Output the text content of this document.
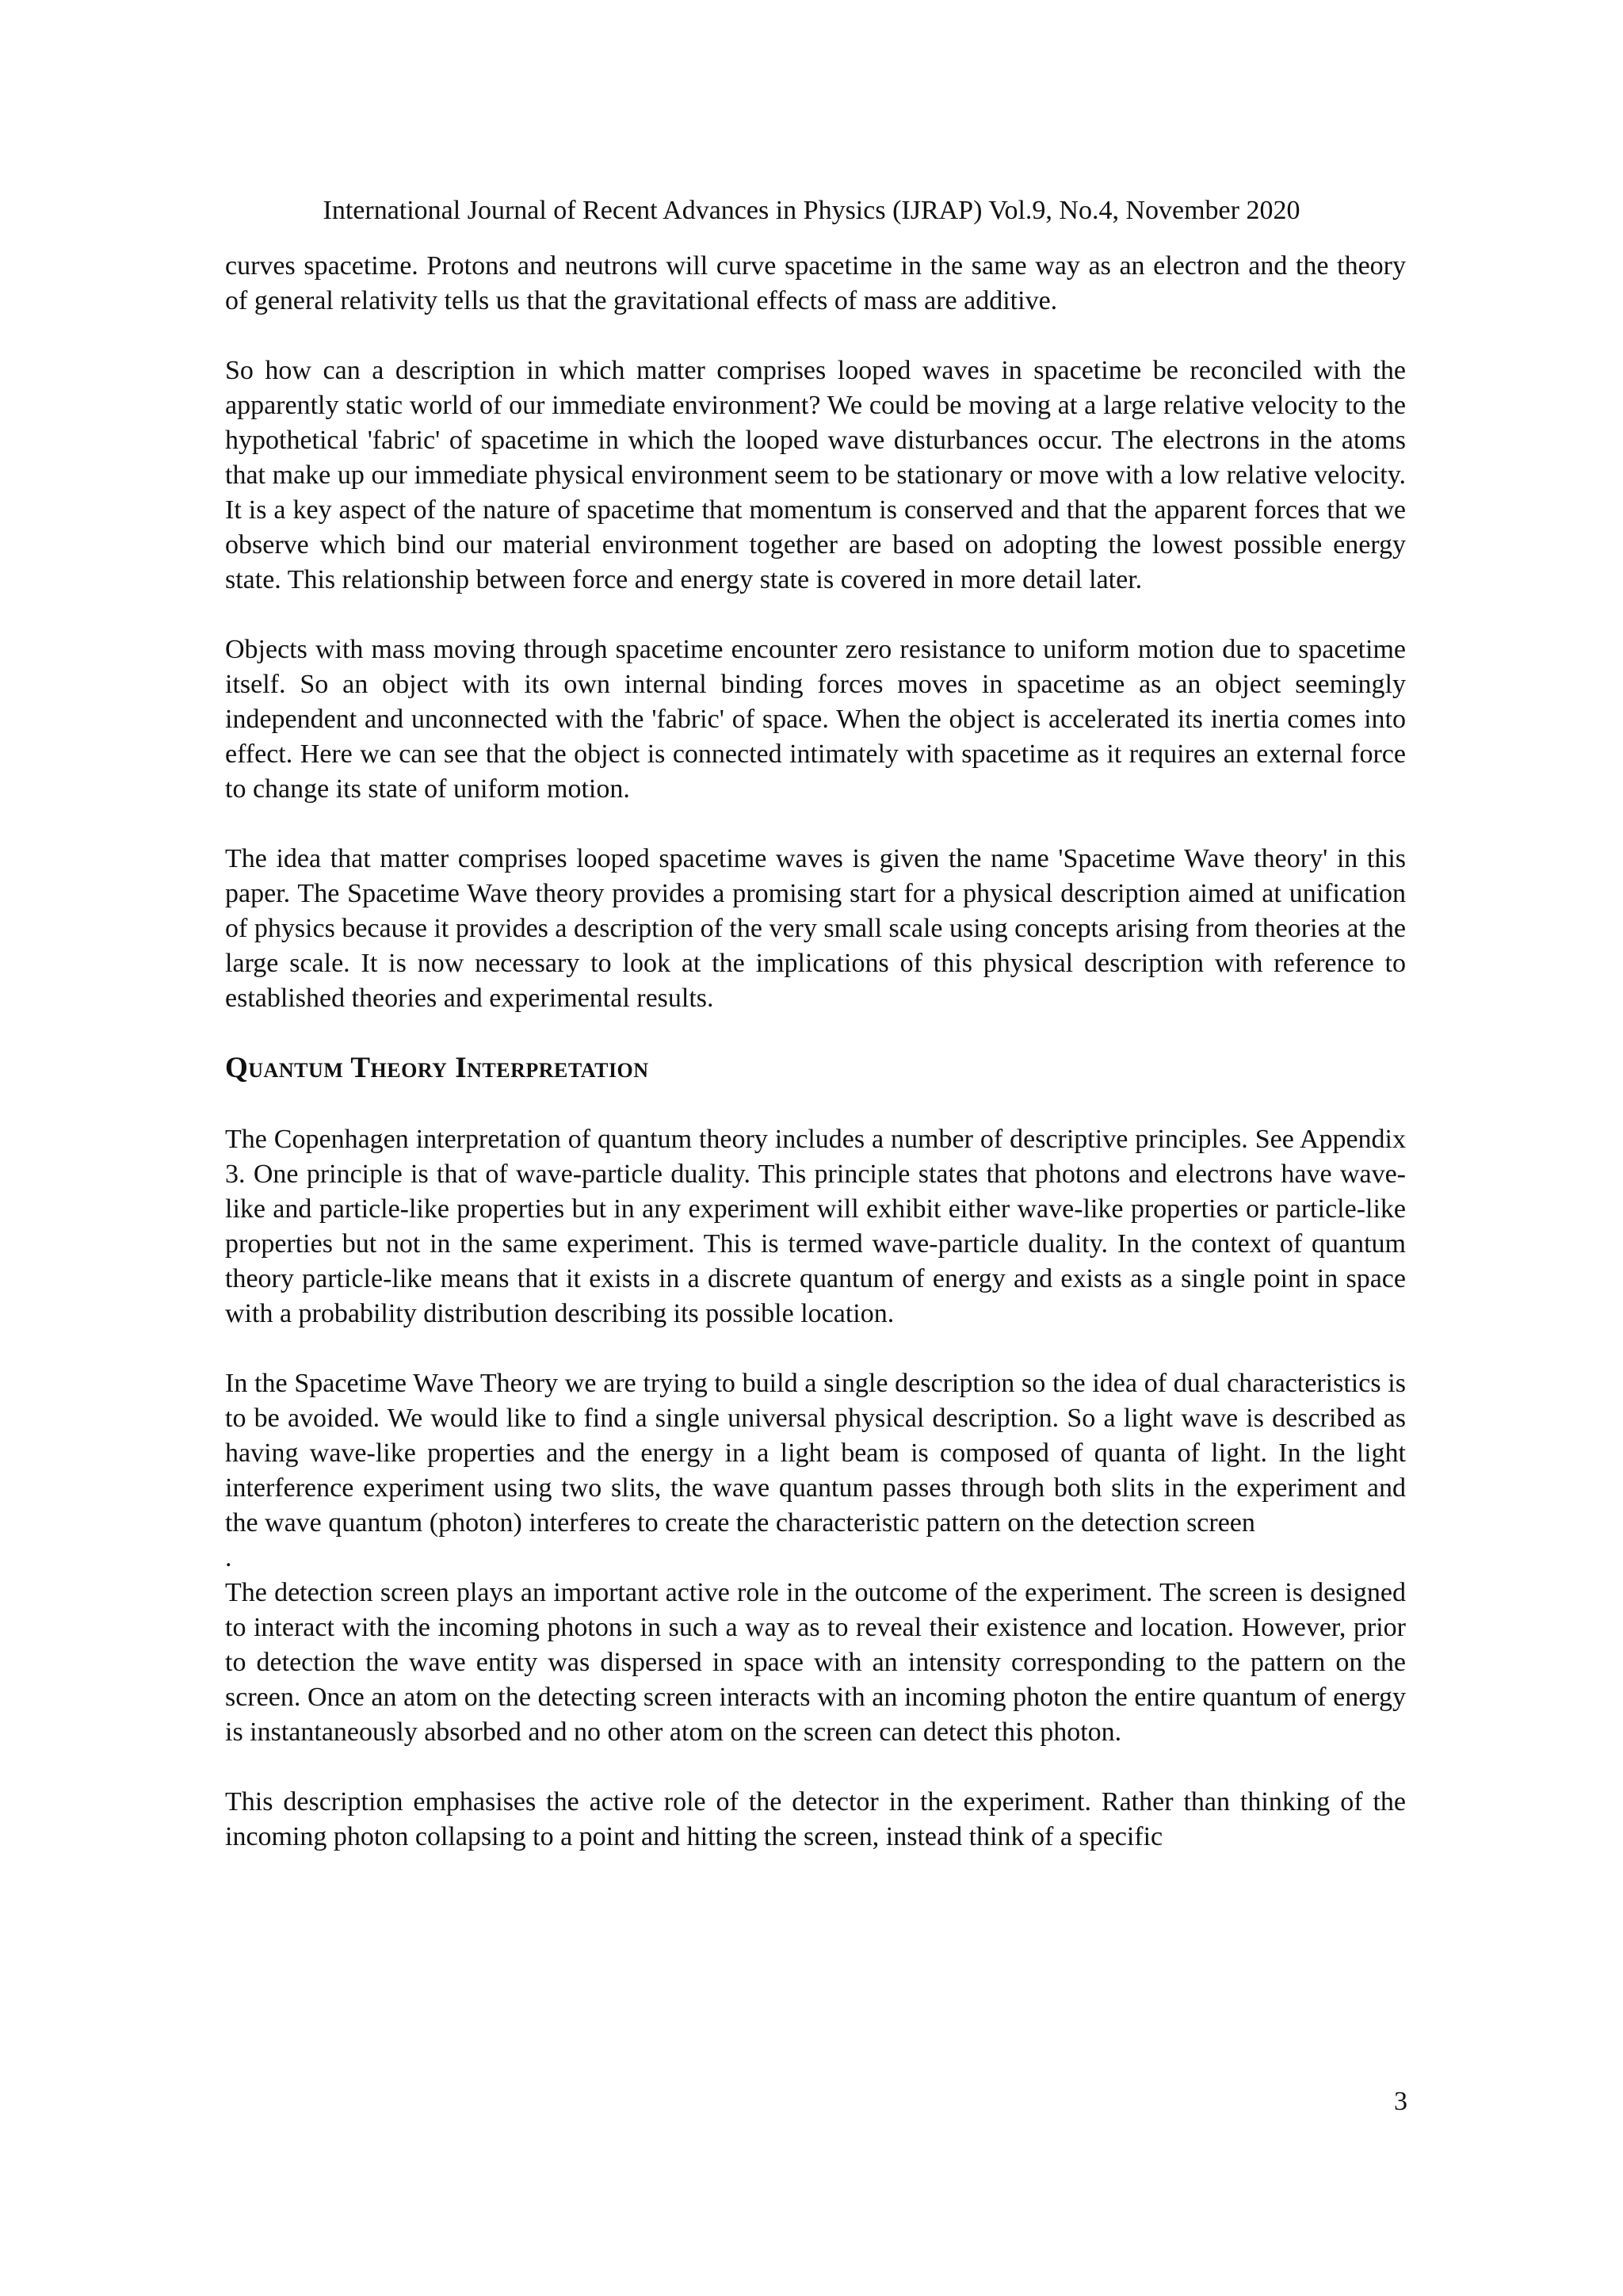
International Journal of Recent Advances in Physics (IJRAP) Vol.9, No.4, November 2020

curves spacetime. Protons and neutrons will curve spacetime in the same way as an electron and the theory of general relativity tells us that the gravitational effects of mass are additive.

So how can a description in which matter comprises looped waves in spacetime be reconciled with the apparently static world of our immediate environment? We could be moving at a large relative velocity to the hypothetical 'fabric' of spacetime in which the looped wave disturbances occur. The electrons in the atoms that make up our immediate physical environment seem to be stationary or move with a low relative velocity. It is a key aspect of the nature of spacetime that momentum is conserved and that the apparent forces that we observe which bind our material environment together are based on adopting the lowest possible energy state. This relationship between force and energy state is covered in more detail later.

Objects with mass moving through spacetime encounter zero resistance to uniform motion due to spacetime itself. So an object with its own internal binding forces moves in spacetime as an object seemingly independent and unconnected with the 'fabric' of space. When the object is accelerated its inertia comes into effect. Here we can see that the object is connected intimately with spacetime as it requires an external force to change its state of uniform motion.

The idea that matter comprises looped spacetime waves is given the name 'Spacetime Wave theory' in this paper. The Spacetime Wave theory provides a promising start for a physical description aimed at unification of physics because it provides a description of the very small scale using concepts arising from theories at the large scale. It is now necessary to look at the implications of this physical description with reference to established theories and experimental results.

Quantum Theory Interpretation

The Copenhagen interpretation of quantum theory includes a number of descriptive principles. See Appendix 3. One principle is that of wave-particle duality. This principle states that photons and electrons have wave-like and particle-like properties but in any experiment will exhibit either wave-like properties or particle-like properties but not in the same experiment. This is termed wave-particle duality. In the context of quantum theory particle-like means that it exists in a discrete quantum of energy and exists as a single point in space with a probability distribution describing its possible location.

In the Spacetime Wave Theory we are trying to build a single description so the idea of dual characteristics is to be avoided. We would like to find a single universal physical description. So a light wave is described as having wave-like properties and the energy in a light beam is composed of quanta of light. In the light interference experiment using two slits, the wave quantum passes through both slits in the experiment and the wave quantum (photon) interferes to create the characteristic pattern on the detection screen

.

The detection screen plays an important active role in the outcome of the experiment. The screen is designed to interact with the incoming photons in such a way as to reveal their existence and location. However, prior to detection the wave entity was dispersed in space with an intensity corresponding to the pattern on the screen. Once an atom on the detecting screen interacts with an incoming photon the entire quantum of energy is instantaneously absorbed and no other atom on the screen can detect this photon.

This description emphasises the active role of the detector in the experiment. Rather than thinking of the incoming photon collapsing to a point and hitting the screen, instead think of a specific

3
